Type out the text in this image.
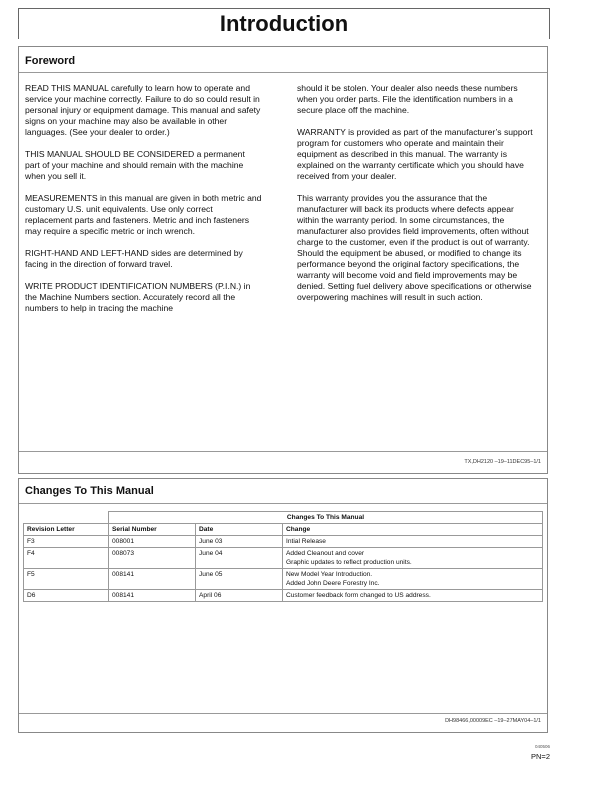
Introduction
Foreword

READ THIS MANUAL carefully to learn how to operate and service your machine correctly. Failure to do so could result in personal injury or equipment damage. This manual and safety signs on your machine may also be available in other languages. (See your dealer to order.)

THIS MANUAL SHOULD BE CONSIDERED a permanent part of your machine and should remain with the machine when you sell it.

MEASUREMENTS in this manual are given in both metric and customary U.S. unit equivalents. Use only correct replacement parts and fasteners. Metric and inch fasteners may require a specific metric or inch wrench.

RIGHT-HAND AND LEFT-HAND sides are determined by facing in the direction of forward travel.

WRITE PRODUCT IDENTIFICATION NUMBERS (P.I.N.) in the Machine Numbers section. Accurately record all the numbers to help in tracing the machine

should it be stolen. Your dealer also needs these numbers when you order parts. File the identification numbers in a secure place off the machine.

WARRANTY is provided as part of the manufacturer’s support program for customers who operate and maintain their equipment as described in this manual. The warranty is explained on the warranty certificate which you should have received from your dealer.

This warranty provides you the assurance that the manufacturer will back its products where defects appear within the warranty period. In some circumstances, the manufacturer also provides field improvements, often without charge to the customer, even if the product is out of warranty. Should the equipment be abused, or modified to change its performance beyond the original factory specifications, the warranty will become void and field improvements may be denied. Setting fuel delivery above specifications or otherwise overpowering machines will result in such action.

TX,DH2120 –19–11DEC95–1/1
Changes To This Manual
	Changes To This Manual		
Revision Letter	Serial Number	Date	Change
F3	008001	June 03	Intial Release

F4	008073	June 04	Added Cleanout and cover
Graphic updates to reflect production units.

F5	008141	June 05	New Model Year Introduction.
Added John Deere Forestry Inc.

D6	008141	April 06	Customer feedback form changed to US address.
DH98466,00009EC –19–27MAY04–1/1
040506
PN=2
